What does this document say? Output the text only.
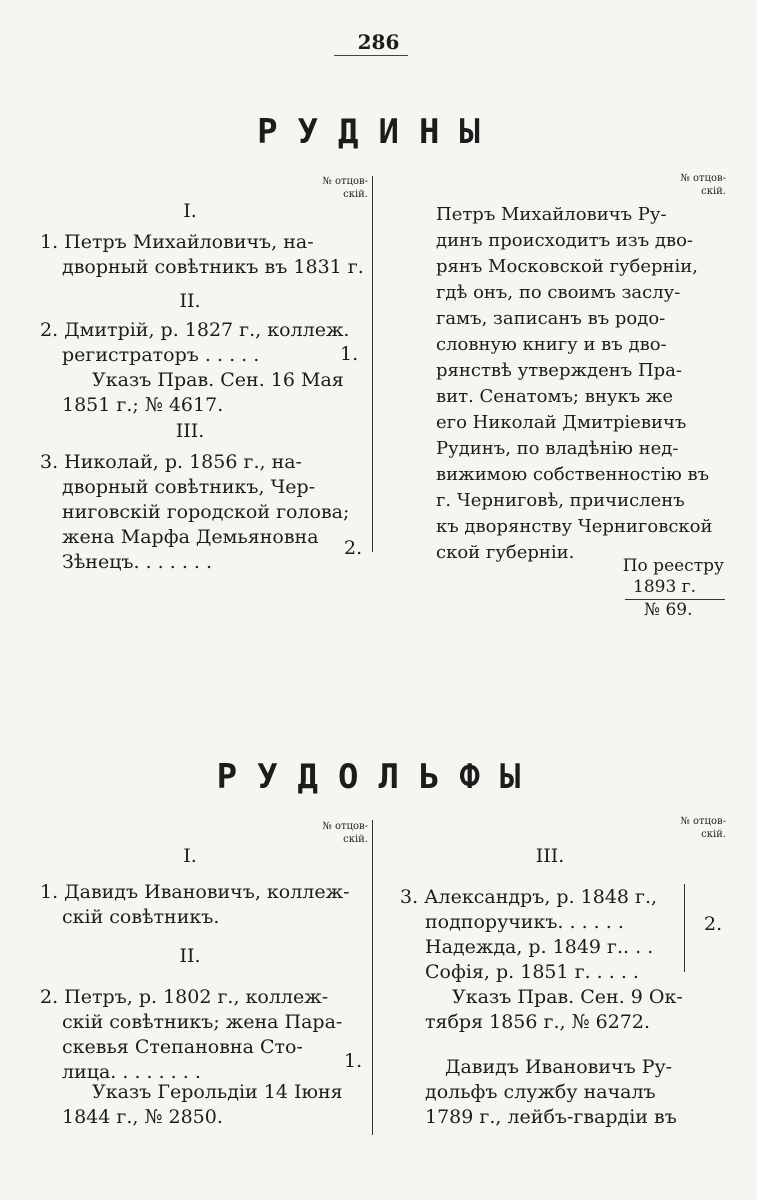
286
РУДИНЫ
№ отцов-
скій.
№ отцов-
скій.
I.
1. Петръ Михайловичъ, на-
дворный совѣтникъ въ 1831 г.
II.
2. Дмитрій, р. 1827 г., коллеж.
регистраторъ . . . . .
Указъ Прав. Сен. 16 Мая
1851 г.; № 4617.
1.
III.
3. Николай, р. 1856 г., на-
дворный совѣтникъ, Чер-
ниговскій городской голова;
жена Марфа Демьяновна
Зѣнецъ. . . . . . .
2.
Петръ Михайловичъ Ру-
динъ происходитъ изъ дво-
рянъ Московской губерніи,
гдѣ онъ, по своимъ заслу-
гамъ, записанъ въ родо-
словную книгу и въ дво-
рянствѣ утвержденъ Пра-
вит. Сенатомъ; внукъ же
его Николай Дмитріевичъ
Рудинъ, по владѣнію нед-
вижимою собственностію въ
г. Черниговѣ, причисленъ
къ дворянству Черниговской
ской губерніи.
По реестру
1893 г.
№ 69.
РУДОЛЬФЫ
№ отцов-
скій.
№ отцов-
скій.
I.
1. Давидъ Ивановичъ, коллеж-
скій совѣтникъ.
II.
2. Петръ, р. 1802 г., коллеж-
скій совѣтникъ; жена Пара-
скевья Степановна Сто-
лица. . . . . . . .	1.
Указъ Герольдіи 14 Іюня
1844 г., № 2850.
III.
3. Александръ, р. 1848 г.,
подпоручикъ. . . . . .
Надежда, р. 1849 г.. . .
Софія, р. 1851 г. . . . .
2.
Указъ Прав. Сен. 9 Ок-
тября 1856 г., № 6272.
Давидъ Ивановичъ Ру-
дольфъ службу началъ
1789 г., лейбъ-гвардіи въ
